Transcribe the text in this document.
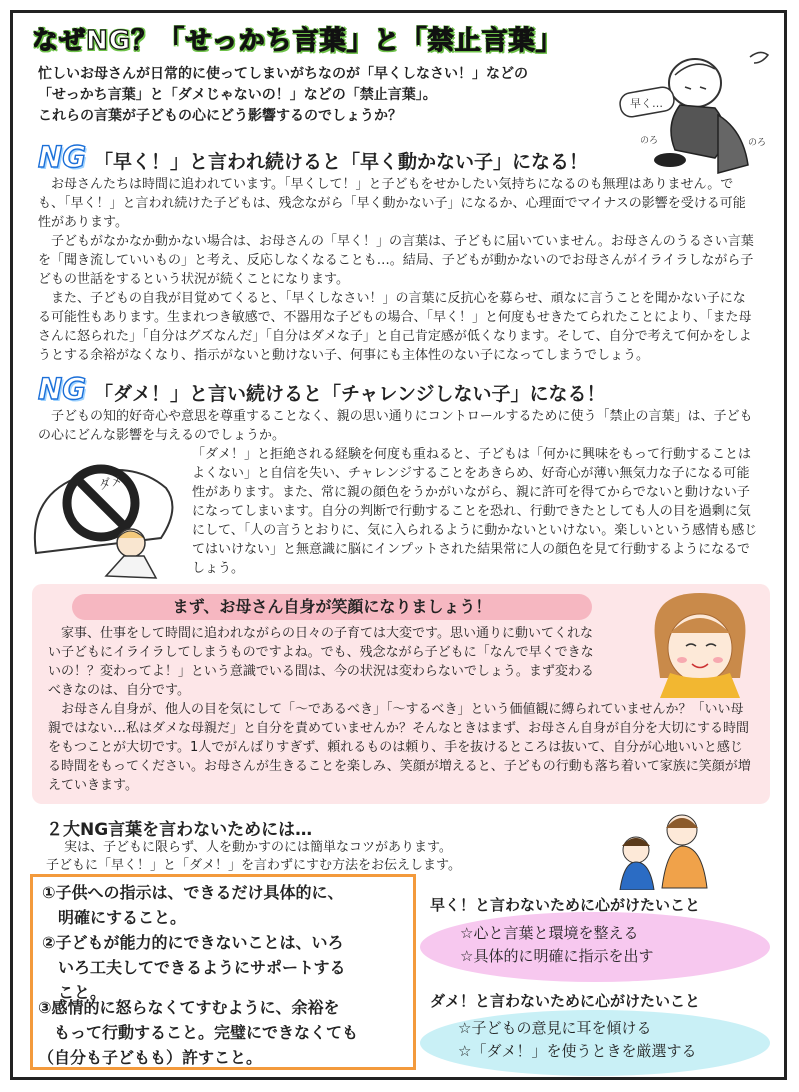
なぜNG？「せっかち言葉」と「禁止言葉」
忙しいお母さんが日常的に使ってしまいがちなのが「早くしなさい！」などの
「せっかち言葉」と「ダメじゃないの！」などの「禁止言葉」。
これらの言葉が子どもの心にどう影響するのでしょうか？
早く…
のろ	のろ
NG 「早く！」と言われ続けると「早く動かない子」になる！

お母さんたちは時間に追われています。「早くして！」と子どもをせかしたい気持ちになるのも無理はありません。でも、「早く！」と言われ続けた子どもは、残念ながら「早く動かない子」になるか、心理面でマイナスの影響を受ける可能性があります。

子どもがなかなか動かない場合は、お母さんの「早く！」の言葉は、子どもに届いていません。お母さんのうるさい言葉を「聞き流していいもの」と考え、反応しなくなることも…。結局、子どもが動かないのでお母さんがイライラしながら子どもの世話をするという状況が続くことになります。

また、子どもの自我が目覚めてくると、「早くしなさい！」の言葉に反抗心を募らせ、頑なに言うことを聞かない子になる可能性もあります。生まれつき敏感で、不器用な子どもの場合、「早く！」と何度もせきたてられたことにより、「また母さんに怒られた」「自分はグズなんだ」「自分はダメな子」と自己肯定感が低くなります。そして、自分で考えて何かをしようとする余裕がなくなり、指示がないと動けない子、何事にも主体性のない子になってしまうでしょう。

NG 「ダメ！」と言い続けると「チャレンジしない子」になる！

子どもの知的好奇心や意思を尊重することなく、親の思い通りにコントロールするために使う「禁止の言葉」は、子どもの心にどんな影響を与えるのでしょうか。

「ダメ！」と拒絶される経験を何度も重ねると、子どもは「何かに興味をもって行動することはよくない」と自信を失い、チャレンジすることをあきらめ、好奇心が薄い無気力な子になる可能性があります。また、常に親の顔色をうかがいながら、親に許可を得てからでないと動けない子になってしまいます。自分の判断で行動することを恐れ、行動できたとしても人の目を過剰に気にして、「人の言うとおりに、気に入られるように動かないといけない。楽しいという感情も感じてはいけない」と無意識に脳にインプットされた結果常に人の顔色を見て行動するようになるでしょう。

ダメ
まず、お母さん自身が笑顔になりましょう！

家事、仕事をして時間に追われながらの日々の子育ては大変です。思い通りに動いてくれない子どもにイライラしてしまうものですよね。でも、残念ながら子どもに「なんで早くできないの！？変わってよ！」という意識でいる間は、今の状況は変わらないでしょう。まず変わるべきなのは、自分です。

お母さん自身が、他人の目を気にして「～であるべき」「～するべき」という価値観に縛られていませんか？「いい母親ではない…私はダメな母親だ」と自分を責めていませんか？そんなときはまず、お母さん自身が自分を大切にする時間をもつことが大切です。1人でがんばりすぎず、頼れるものは頼り、手を抜けるところは抜いて、自分が心地いいと感じる時間をもってください。お母さんが生きることを楽しみ、笑顔が増えると、子どもの行動も落ち着いて家族に笑顔が増えていきます。

２大NG言葉を言わないためには…
実は、子どもに限らず、人を動かすのには簡単なコツがあります。
子どもに「早く！」と「ダメ！」を言わずにすむ方法をお伝えします。

①子供への指示は、できるだけ具体的に、

　明確にすること。

②子どもが能力的にできないことは、いろ

　いろ工夫してできるようにサポートする

　こと。

③感情的に怒らなくてすむように、余裕を

　もって行動すること。完璧にできなくても

（自分も子どもも）許すこと。

早く！と言わないために心がけたいこと
☆心と言葉と環境を整える
☆具体的に明確に指示を出す
ダメ！と言わないために心がけたいこと
☆子どもの意見に耳を傾ける
☆「ダメ！」を使うときを厳選する
